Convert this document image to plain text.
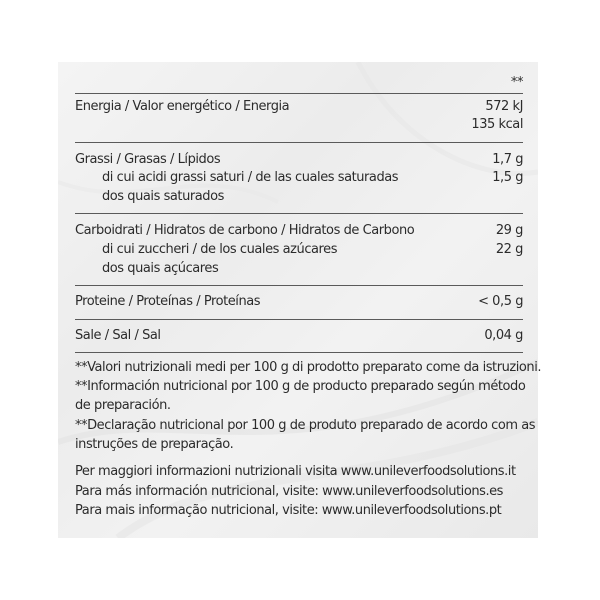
**
Energia / Valor energético / Energia	572 kJ
135 kcal
Grassi / Grasas / Lípidos	1,7 g
di cui acidi grassi saturi / de las cuales saturadas	1,5 g
dos quais saturados
Carboidrati / Hidratos de carbono / Hidratos de Carbono	29 g
di cui zuccheri / de los cuales azúcares	22 g
dos quais açúcares
Proteine / Proteínas / Proteínas	< 0,5 g
Sale / Sal / Sal	0,04 g
**Valori nutrizionali medi per 100 g di prodotto preparato come da istruzioni.
**Información nutricional por 100 g de producto preparado según método
de preparación.
**Declaração nutricional por 100 g de produto preparado de acordo com as
instruções de preparação.
Per maggiori informazioni nutrizionali visita www.unileverfoodsolutions.it
Para más información nutricional, visite: www.unileverfoodsolutions.es
Para mais informação nutricional, visite: www.unileverfoodsolutions.pt
